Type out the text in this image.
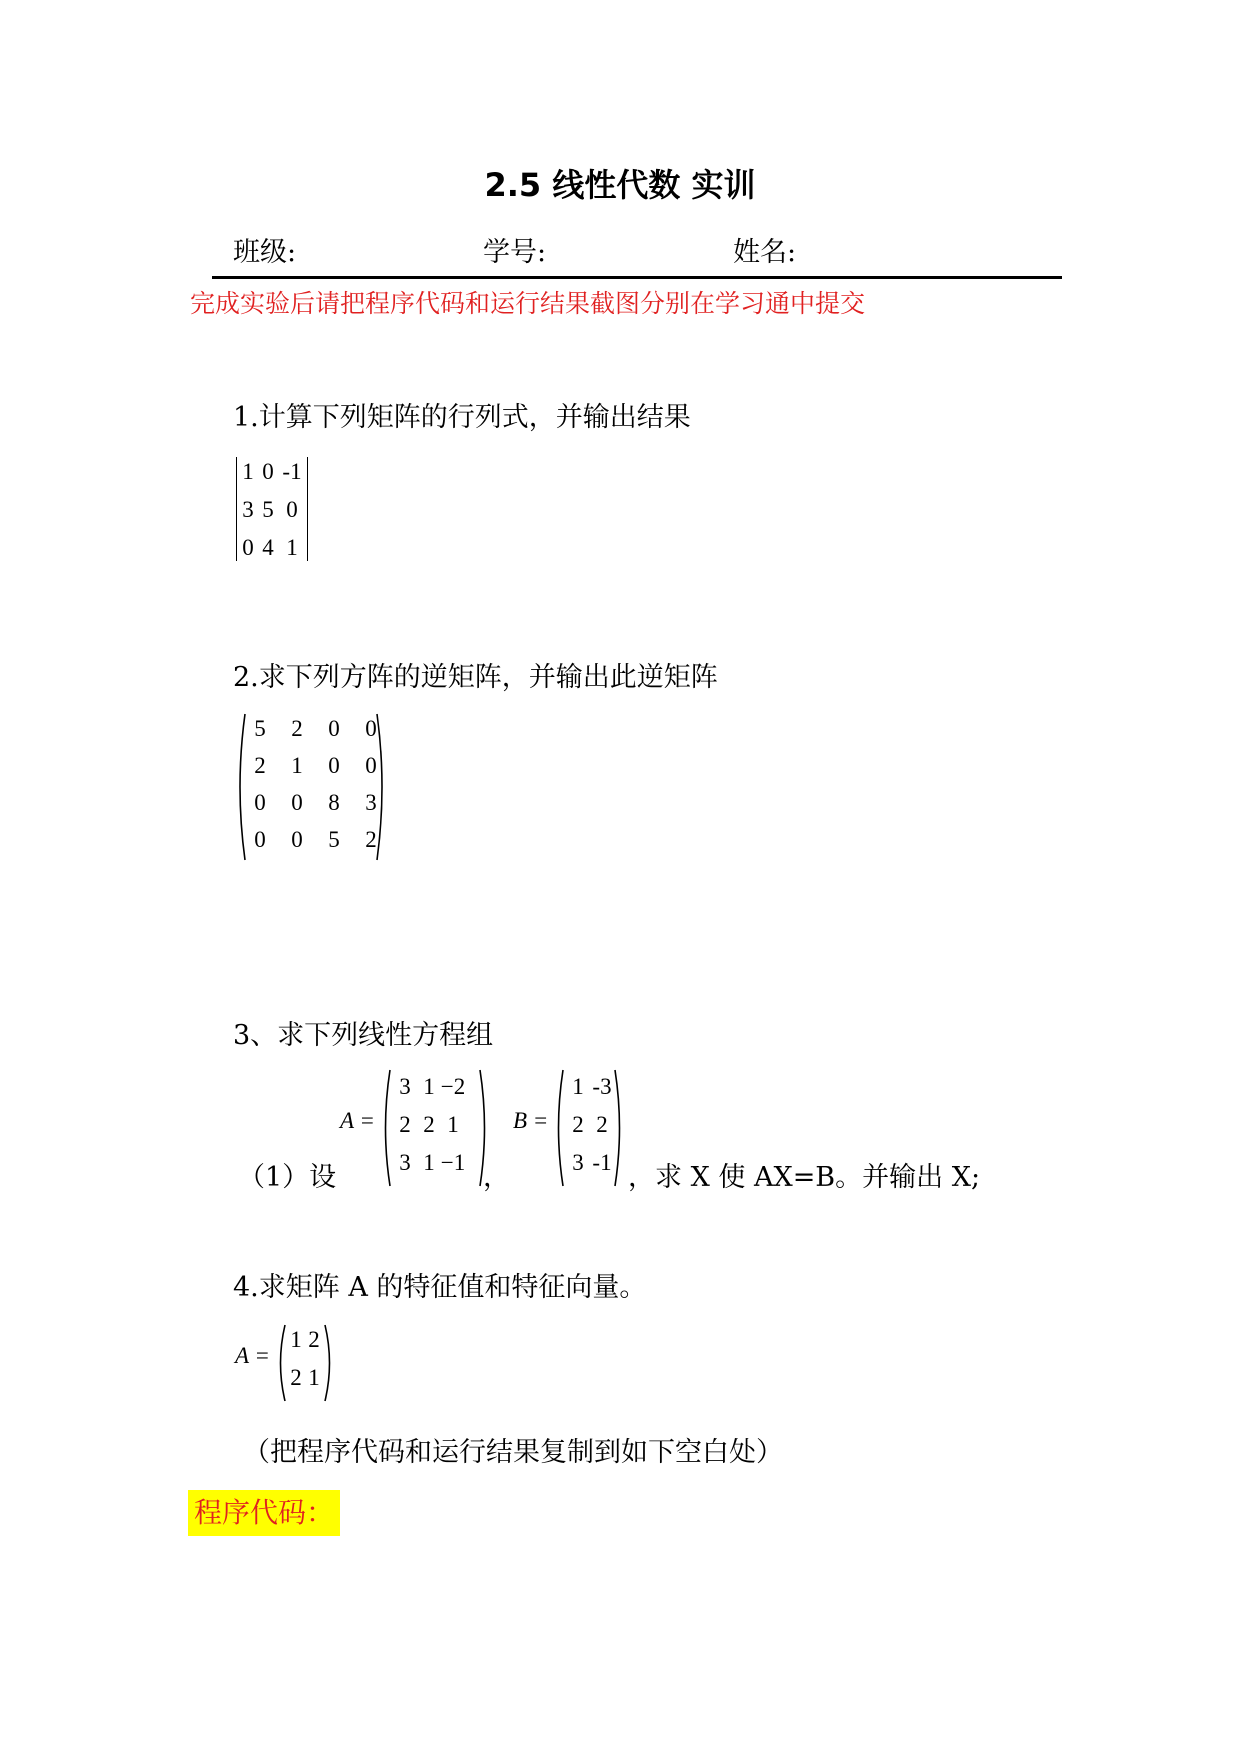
2.5 线性代数 实训
班级:	学号:	姓名:
完成实验后请把程序代码和运行结果截图分别在学习通中提交
1.计算下列矩阵的行列式，并输出结果
1 0 -1
3 5 0
0 4 1
2.求下列方阵的逆矩阵，并输出此逆矩阵
5	2	0	0
2	1	0	0
0	0	8	3
0	0	5	2
3、求下列线性方程组
（1）设
A =
3 1 −2
2 2 1
3 1 −1 ，
B =
1 -3
2 2
3 -1 ，求 X 使 AX=B。并输出 X;
4.求矩阵 A 的特征值和特征向量。
A =
1 2
2 1
（把程序代码和运行结果复制到如下空白处）
程序代码：
